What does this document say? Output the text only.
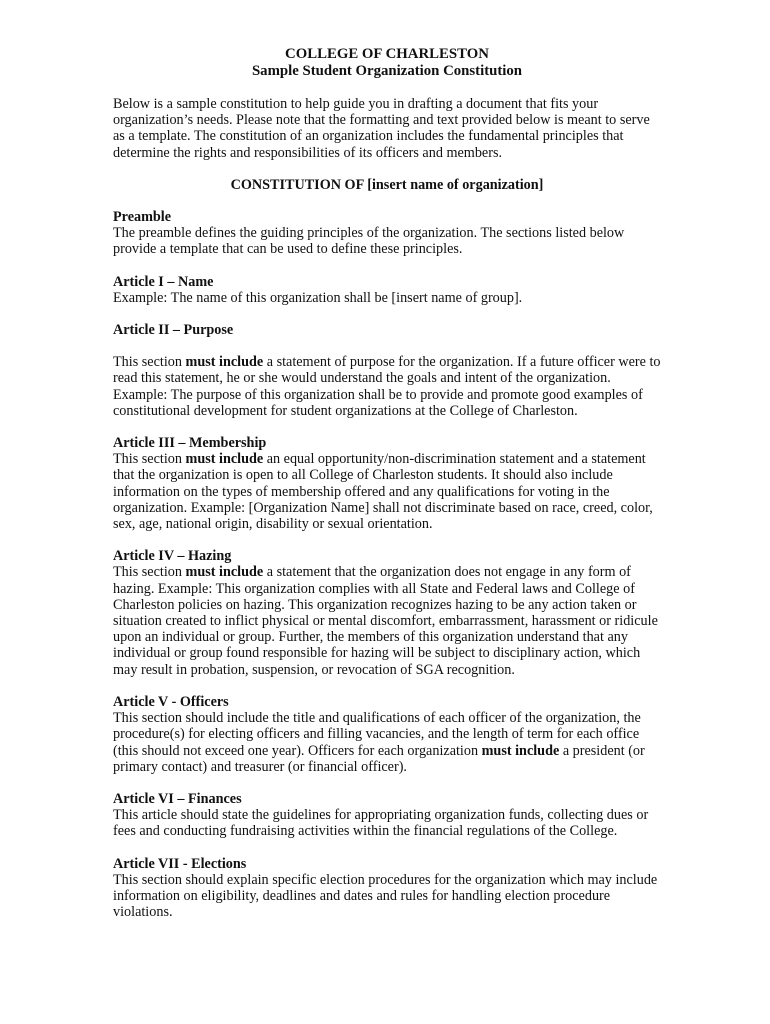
COLLEGE OF CHARLESTON
Sample Student Organization Constitution

Below is a sample constitution to help guide you in drafting a document that fits your organization’s needs. Please note that the formatting and text provided below is meant to serve as a template. The constitution of an organization includes the fundamental principles that determine the rights and responsibilities of its officers and members.

CONSTITUTION OF [insert name of organization]
Preamble

The preamble defines the guiding principles of the organization. The sections listed below provide a template that can be used to define these principles.

Article I – Name

Example: The name of this organization shall be [insert name of group].

Article II – Purpose

This section must include a statement of purpose for the organization. If a future officer were to read this statement, he or she would understand the goals and intent of the organization. Example: The purpose of this organization shall be to provide and promote good examples of constitutional development for student organizations at the College of Charleston.

Article III – Membership

This section must include an equal opportunity/non-discrimination statement and a statement that the organization is open to all College of Charleston students. It should also include information on the types of membership offered and any qualifications for voting in the organization. Example: [Organization Name] shall not discriminate based on race, creed, color, sex, age, national origin, disability or sexual orientation.

Article IV – Hazing

This section must include a statement that the organization does not engage in any form of hazing. Example: This organization complies with all State and Federal laws and College of Charleston policies on hazing. This organization recognizes hazing to be any action taken or situation created to inflict physical or mental discomfort, embarrassment, harassment or ridicule upon an individual or group. Further, the members of this organization understand that any individual or group found responsible for hazing will be subject to disciplinary action, which may result in probation, suspension, or revocation of SGA recognition.

Article V - Officers

This section should include the title and qualifications of each officer of the organization, the procedure(s) for electing officers and filling vacancies, and the length of term for each office (this should not exceed one year). Officers for each organization must include a president (or primary contact) and treasurer (or financial officer).

Article VI – Finances

This article should state the guidelines for appropriating organization funds, collecting dues or fees and conducting fundraising activities within the financial regulations of the College.

Article VII - Elections

This section should explain specific election procedures for the organization which may include information on eligibility, deadlines and dates and rules for handling election procedure violations.
